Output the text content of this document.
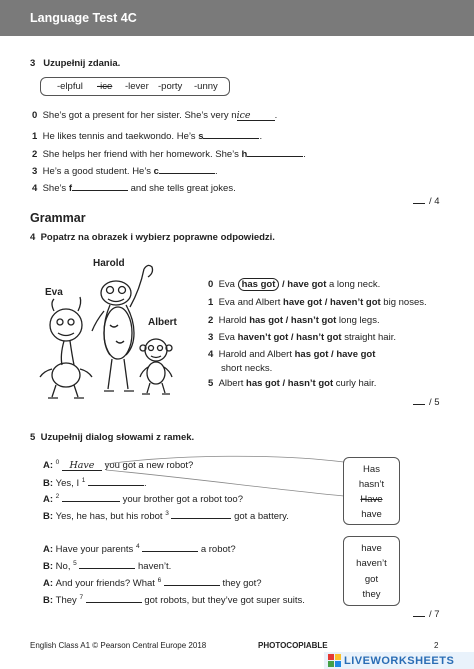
Language Test 4C
3 Uzupełnij zdania.
-elpful -ice -lever -porty -unny
0 She’s got a present for her sister. She’s very nice	.
1 He likes tennis and taekwondo. He’s s	.
2 She helps her friend with her homework. She’s h	.
3 He’s a good student. He’s c	.
4 She’s f	and she tells great jokes.
/ 4
Grammar
4 Popatrz na obrazek i wybierz poprawne odpowiedzi.
Harold
Eva
Albert
0 Eva has got / have got a long neck.
1 Eva and Albert have got / haven’t got big noses.
2 Harold has got / hasn’t got long legs.
3 Eva haven’t got / hasn’t got straight hair.
4 Harold and Albert has got / have got
short necks.
5 Albert has got / hasn’t got curly hair.
/ 5
5 Uzupełnij dialog słowami z ramek.
A: $^0$ Have you got a new robot?
B: Yes, I $^1$	.
A: $^2$	your brother got a robot too?
B: Yes, he has, but his robot $^3$	got a battery.
A: Have your parents $^4$	a robot?
B: No, $^5$	haven’t.
A: And your friends? What $^6$	they got?
B: They $^7$	got robots, but they’ve got super suits.
Has
hasn’t
Have
have
have
haven’t
got
they
/ 7
English Class A1 © Pearson Central Europe 2018	PHOTOCOPIABLE	2
LIVEWORKSHEETS
